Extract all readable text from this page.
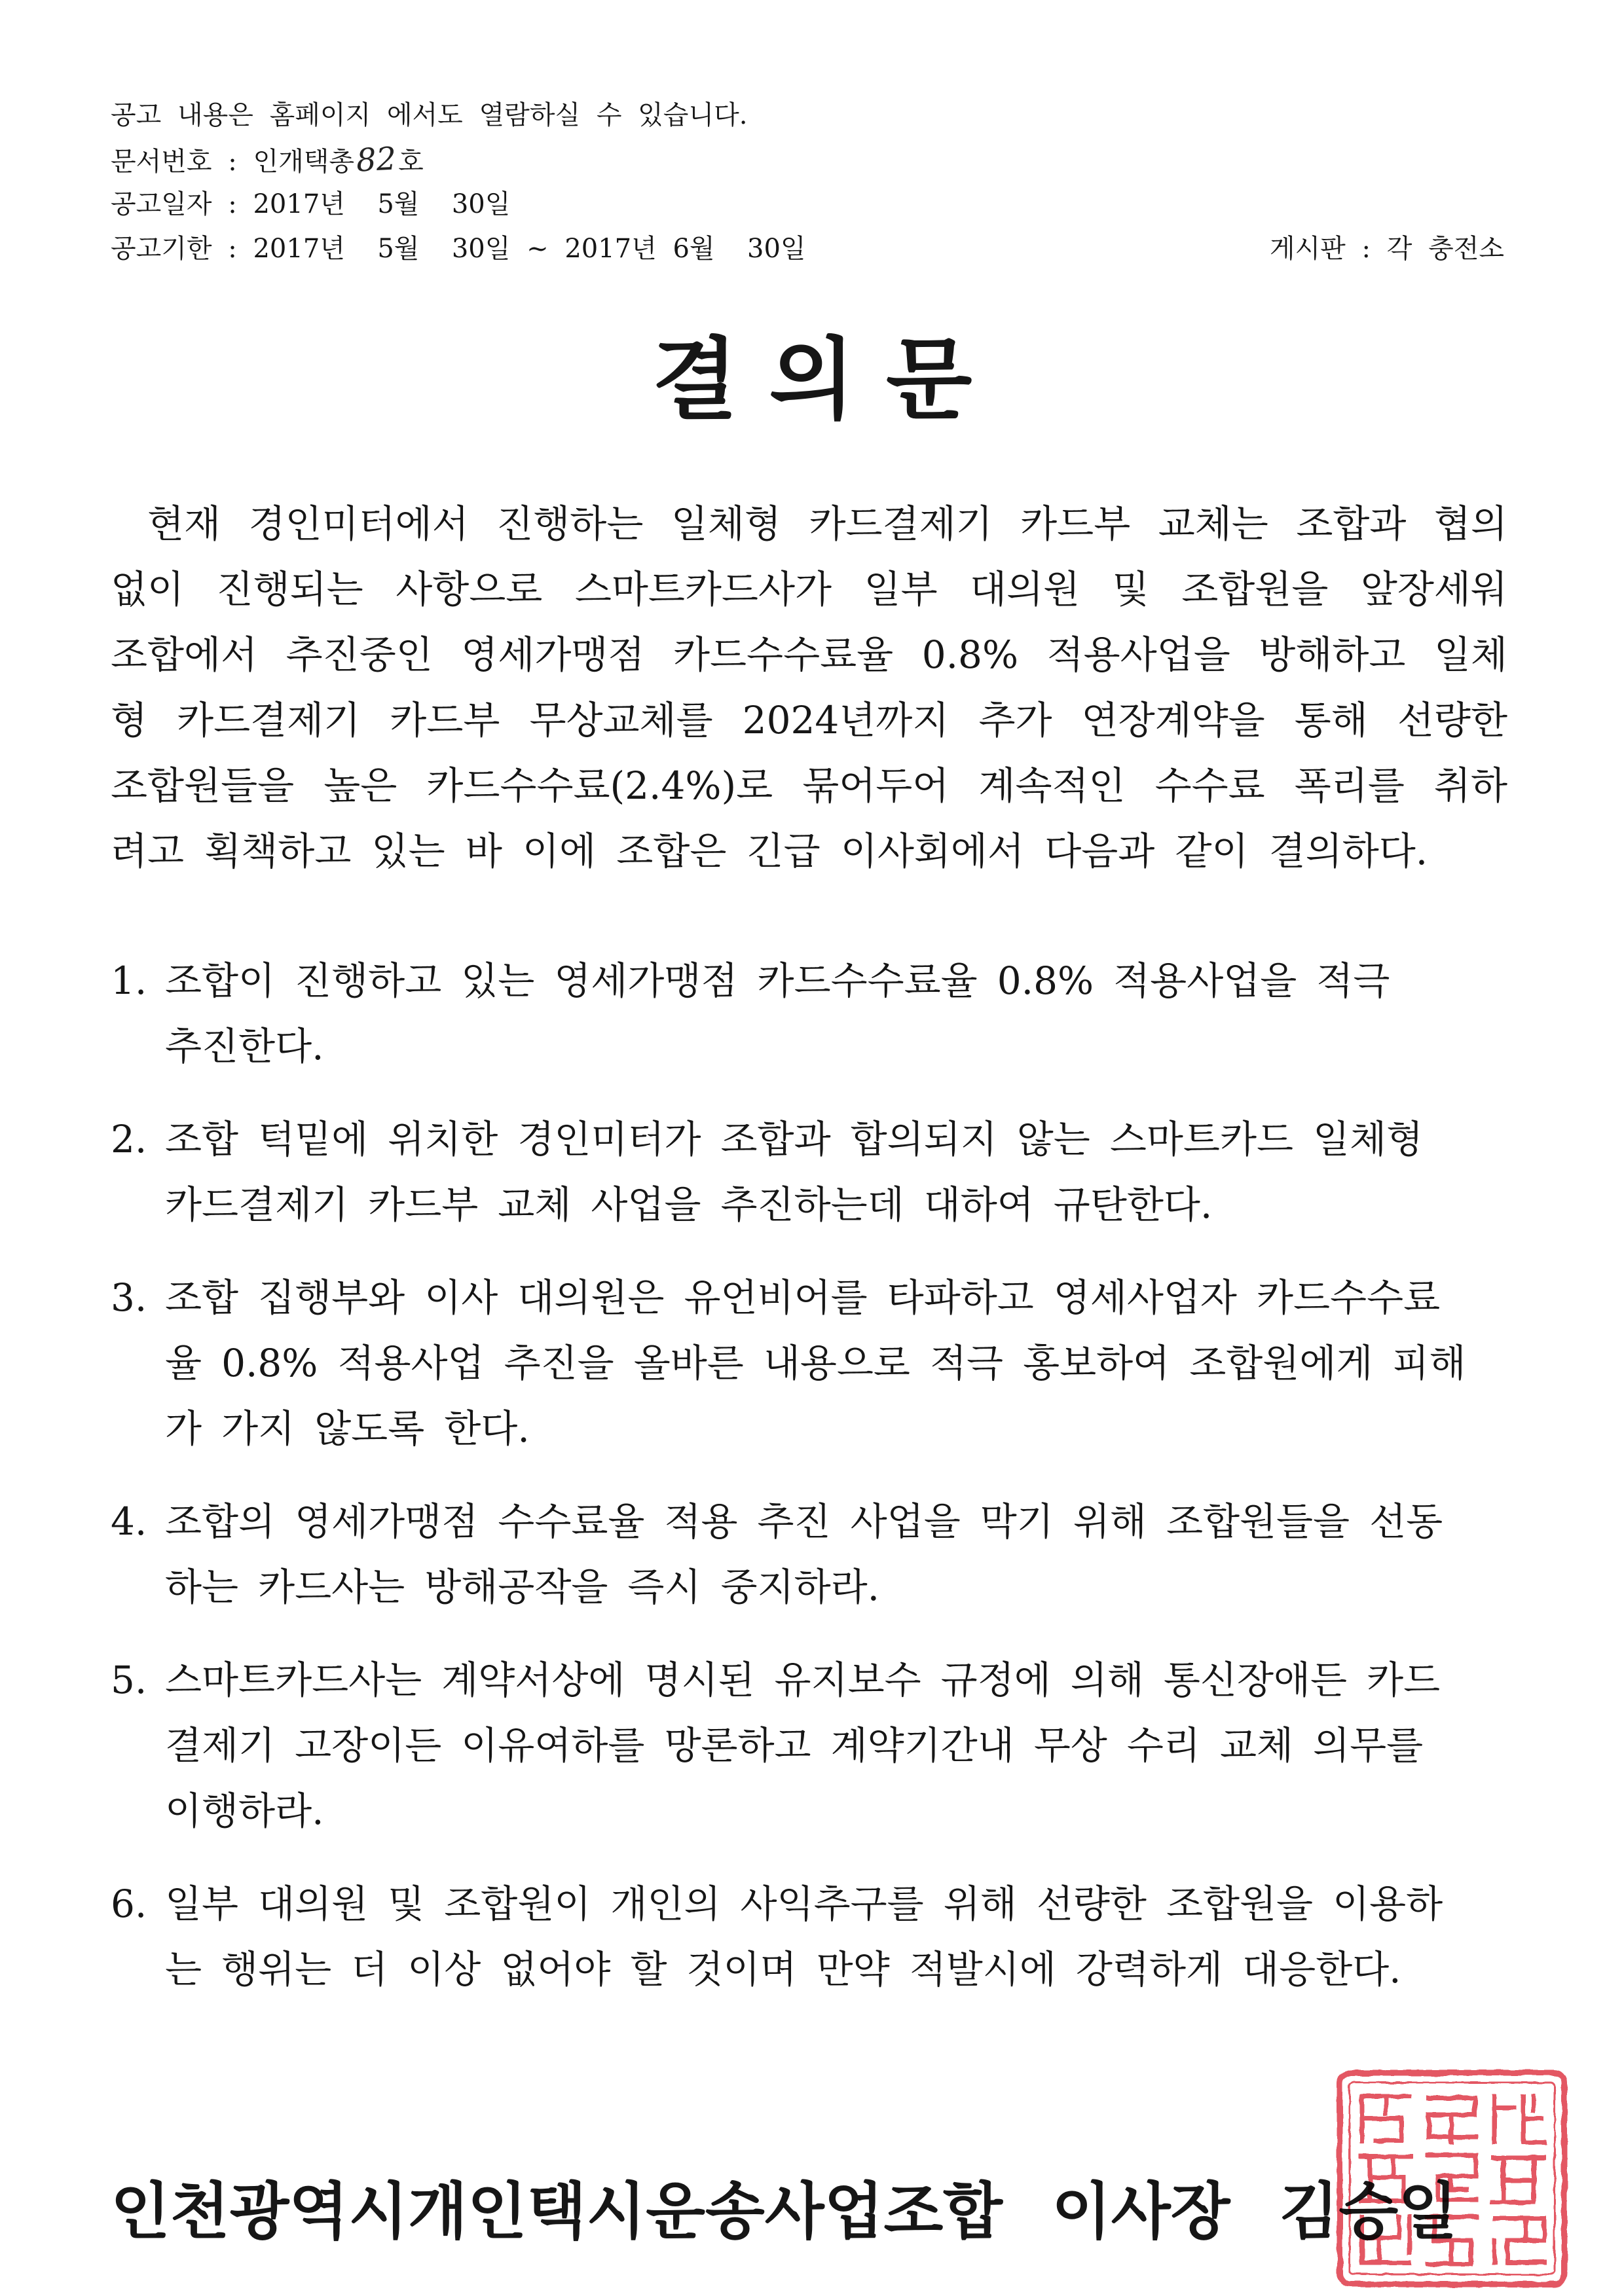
공고 내용은 홈페이지 에서도 열람하실 수 있습니다.
문서번호 : 인개택총82호
공고일자 : 2017년  5월  30일
공고기한 : 2017년  5월  30일 ~ 2017년 6월  30일	게시판 : 각 충전소
결 의 문
현재 경인미터에서 진행하는 일체형 카드결제기 카드부 교체는 조합과 협의
없이 진행되는 사항으로 스마트카드사가 일부 대의원 및 조합원을 앞장세워
조합에서 추진중인 영세가맹점 카드수수료율 0.8% 적용사업을 방해하고 일체
형 카드결제기 카드부 무상교체를 2024년까지 추가 연장계약을 통해 선량한
조합원들을 높은 카드수수료(2.4%)로 묶어두어 계속적인 수수료 폭리를 취하
려고 획책하고 있는 바 이에 조합은 긴급 이사회에서 다음과 같이 결의하다.
1. 조합이 진행하고 있는 영세가맹점 카드수수료율 0.8% 적용사업을 적극
추진한다.
2. 조합 턱밑에 위치한 경인미터가 조합과 합의되지 않는 스마트카드 일체형
카드결제기 카드부 교체 사업을 추진하는데 대하여 규탄한다.
3. 조합 집행부와 이사 대의원은 유언비어를 타파하고 영세사업자 카드수수료
율 0.8% 적용사업 추진을 올바른 내용으로 적극 홍보하여 조합원에게 피해
가 가지 않도록 한다.
4. 조합의 영세가맹점 수수료율 적용 추진 사업을 막기 위해 조합원들을 선동
하는 카드사는 방해공작을 즉시 중지하라.
5. 스마트카드사는 계약서상에 명시된 유지보수 규정에 의해 통신장애든 카드
결제기 고장이든 이유여하를 망론하고 계약기간내 무상 수리 교체 의무를
이행하라.
6. 일부 대의원 및 조합원이 개인의 사익추구를 위해 선량한 조합원을 이용하
는 행위는 더 이상 없어야 할 것이며 만약 적발시에 강력하게 대응한다.
인천광역시개인택시운송사업조합 이사장 김승일
